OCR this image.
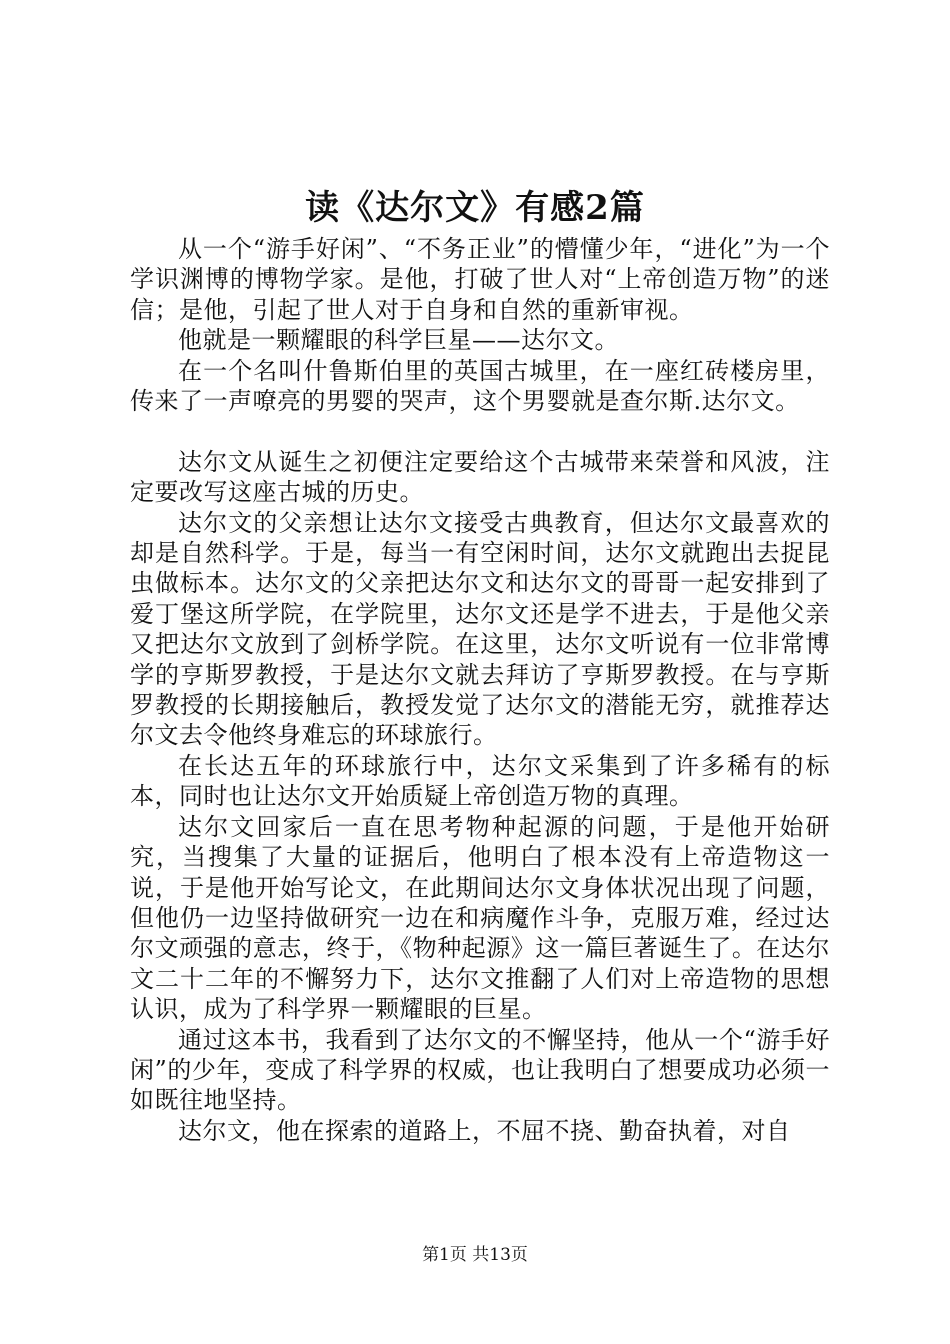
读《达尔文》有感2篇

从一个“游手好闲”、“不务正业”的懵懂少年，“进化”为一个学识渊博的博物学家。是他，打破了世人对“上帝创造万物”的迷信；是他，引起了世人对于自身和自然的重新审视。

他就是一颗耀眼的科学巨星——达尔文。

在一个名叫什鲁斯伯里的英国古城里，在一座红砖楼房里，传来了一声嘹亮的男婴的哭声，这个男婴就是查尔斯.达尔文。

达尔文从诞生之初便注定要给这个古城带来荣誉和风波，注定要改写这座古城的历史。

达尔文的父亲想让达尔文接受古典教育，但达尔文最喜欢的却是自然科学。于是，每当一有空闲时间，达尔文就跑出去捉昆虫做标本。达尔文的父亲把达尔文和达尔文的哥哥一起安排到了爱丁堡这所学院，在学院里，达尔文还是学不进去，于是他父亲又把达尔文放到了剑桥学院。在这里，达尔文听说有一位非常博学的亨斯罗教授，于是达尔文就去拜访了亨斯罗教授。在与亨斯罗教授的长期接触后，教授发觉了达尔文的潜能无穷，就推荐达尔文去令他终身难忘的环球旅行。

在长达五年的环球旅行中，达尔文采集到了许多稀有的标本，同时也让达尔文开始质疑上帝创造万物的真理。

达尔文回家后一直在思考物种起源的问题，于是他开始研究，当搜集了大量的证据后，他明白了根本没有上帝造物这一说，于是他开始写论文，在此期间达尔文身体状况出现了问题，但他仍一边坚持做研究一边在和病魔作斗争，克服万难，经过达尔文顽强的意志，终于，《物种起源》这一篇巨著诞生了。在达尔文二十二年的不懈努力下，达尔文推翻了人们对上帝造物的思想认识，成为了科学界一颗耀眼的巨星。

通过这本书，我看到了达尔文的不懈坚持，他从一个“游手好闲”的少年，变成了科学界的权威，也让我明白了想要成功必须一如既往地坚持。

达尔文，他在探索的道路上，不屈不挠、勤奋执着，对自

第1页 共13页
